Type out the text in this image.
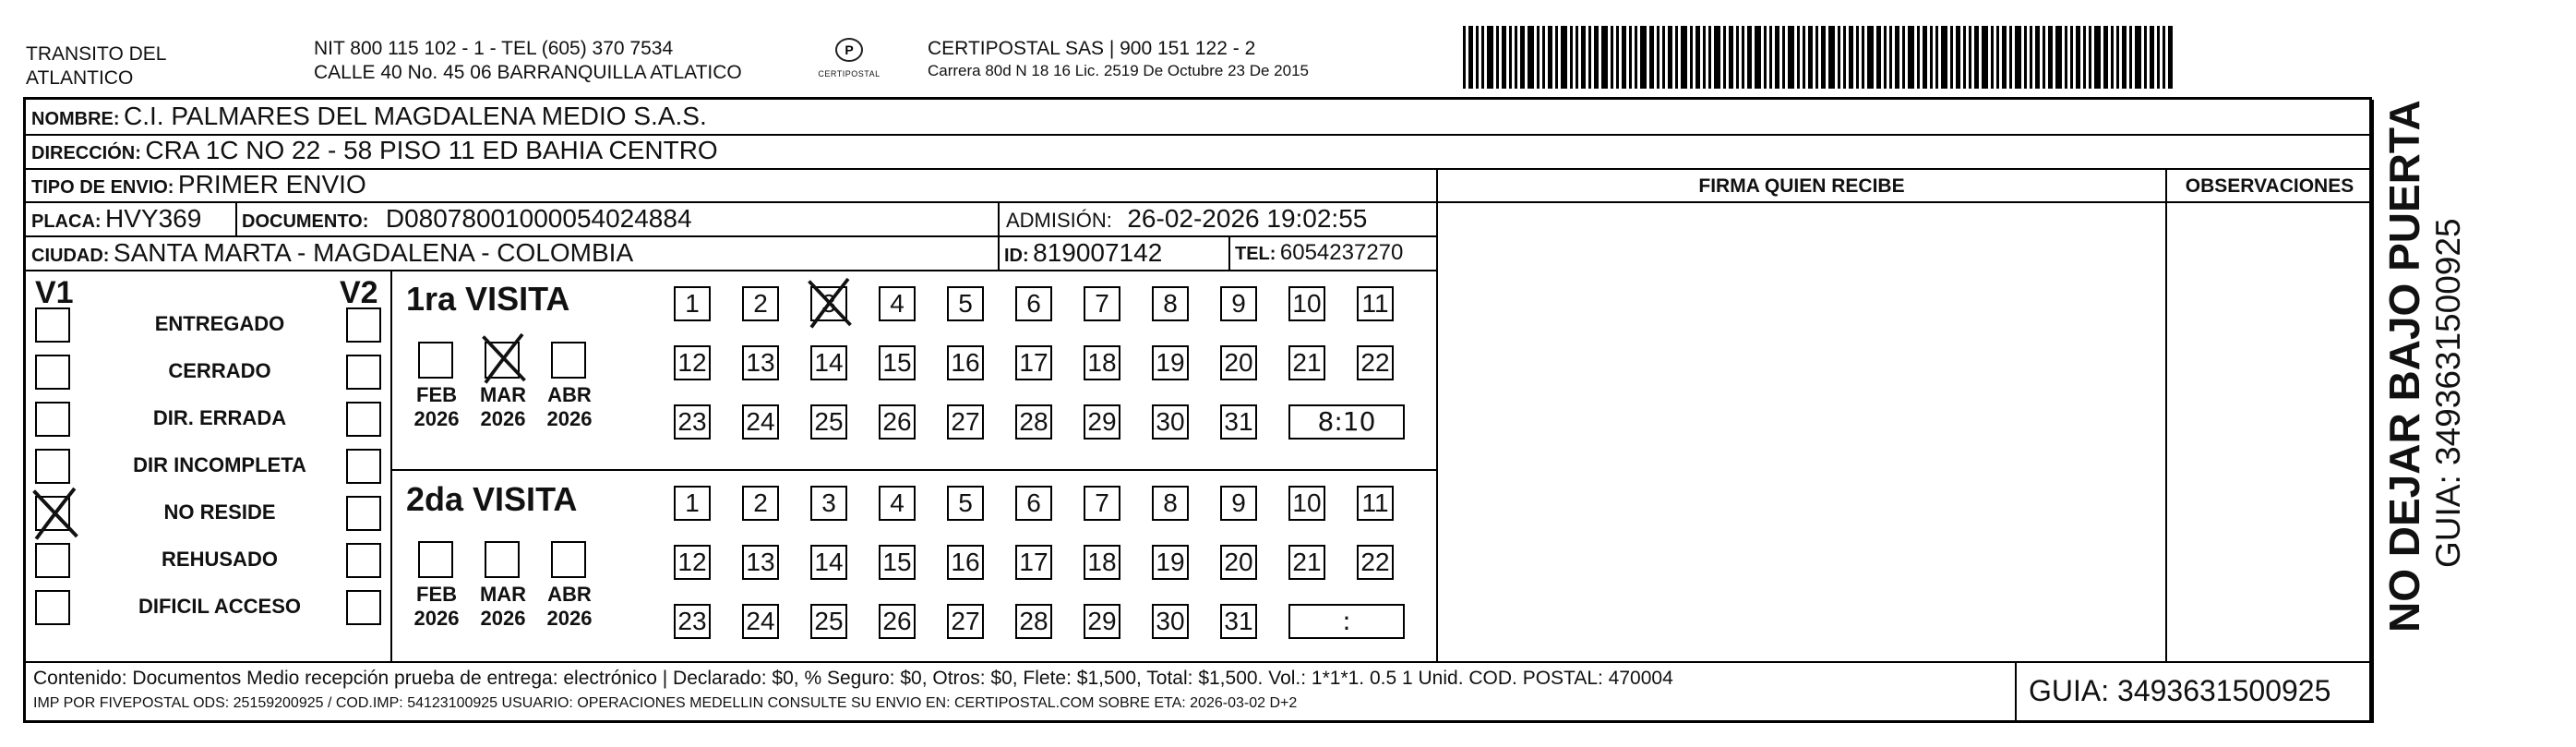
TRANSITO DEL
ATLANTICO
NIT 800 115 102 - 1 - TEL (605) 370 7534
CALLE 40 No. 45 06 BARRANQUILLA ATLATICO
P
CERTIPOSTAL
CERTIPOSTAL SAS | 900 151 122 - 2
Carrera 80d N 18 16 Lic. 2519 De Octubre 23 De 2015
NOMBRE: C.I. PALMARES DEL MAGDALENA MEDIO S.A.S.
DIRECCIÓN: CRA 1C NO 22 - 58 PISO 11 ED BAHIA CENTRO
TIPO DE ENVIO: PRIMER ENVIO	FIRMA QUIEN RECIBE	OBSERVACIONES
PLACA: HVY369 DOCUMENTO: D08078001000054024884	ADMISIÓN: 26-02-2026 19:02:55
CIUDAD: SANTA MARTA - MAGDALENA - COLOMBIA	ID: 819007142	TEL: 6054237270
V1	V2
ENTREGADO
CERRADO
DIR. ERRADA
DIR INCOMPLETA
NO RESIDE
REHUSADO
DIFICIL ACCESO
1ra VISITA
2da VISITA
FEB
2026
MAR
2026
ABR
2026
FEB
2026
MAR
2026
ABR
2026
1	2	3	4	5	6	7	8	9	10 11
12 13 14 15 16 17 18 19 20 21 22
23 24 25 26 27 28 29 30 31	8:10
1	2	3	4	5	6	7	8	9	10 11
12 13 14 15 16 17 18 19 20 21 22
23 24 25 26 27 28 29 30 31	:
Contenido: Documentos Medio recepción prueba de entrega: electrónico | Declarado: $0, % Seguro: $0, Otros: $0, Flete: $1,500, Total: $1,500. Vol.: 1*1*1. 0.5 1 Unid. COD. POSTAL: 470004
IMP POR FIVEPOSTAL ODS: 25159200925 / COD.IMP: 54123100925 USUARIO: OPERACIONES MEDELLIN CONSULTE SU ENVIO EN: CERTIPOSTAL.COM SOBRE ETA: 2026-03-02 D+2	GUIA: 3493631500925
NO DEJAR BAJO PUERTA GUIA: 3493631500925
